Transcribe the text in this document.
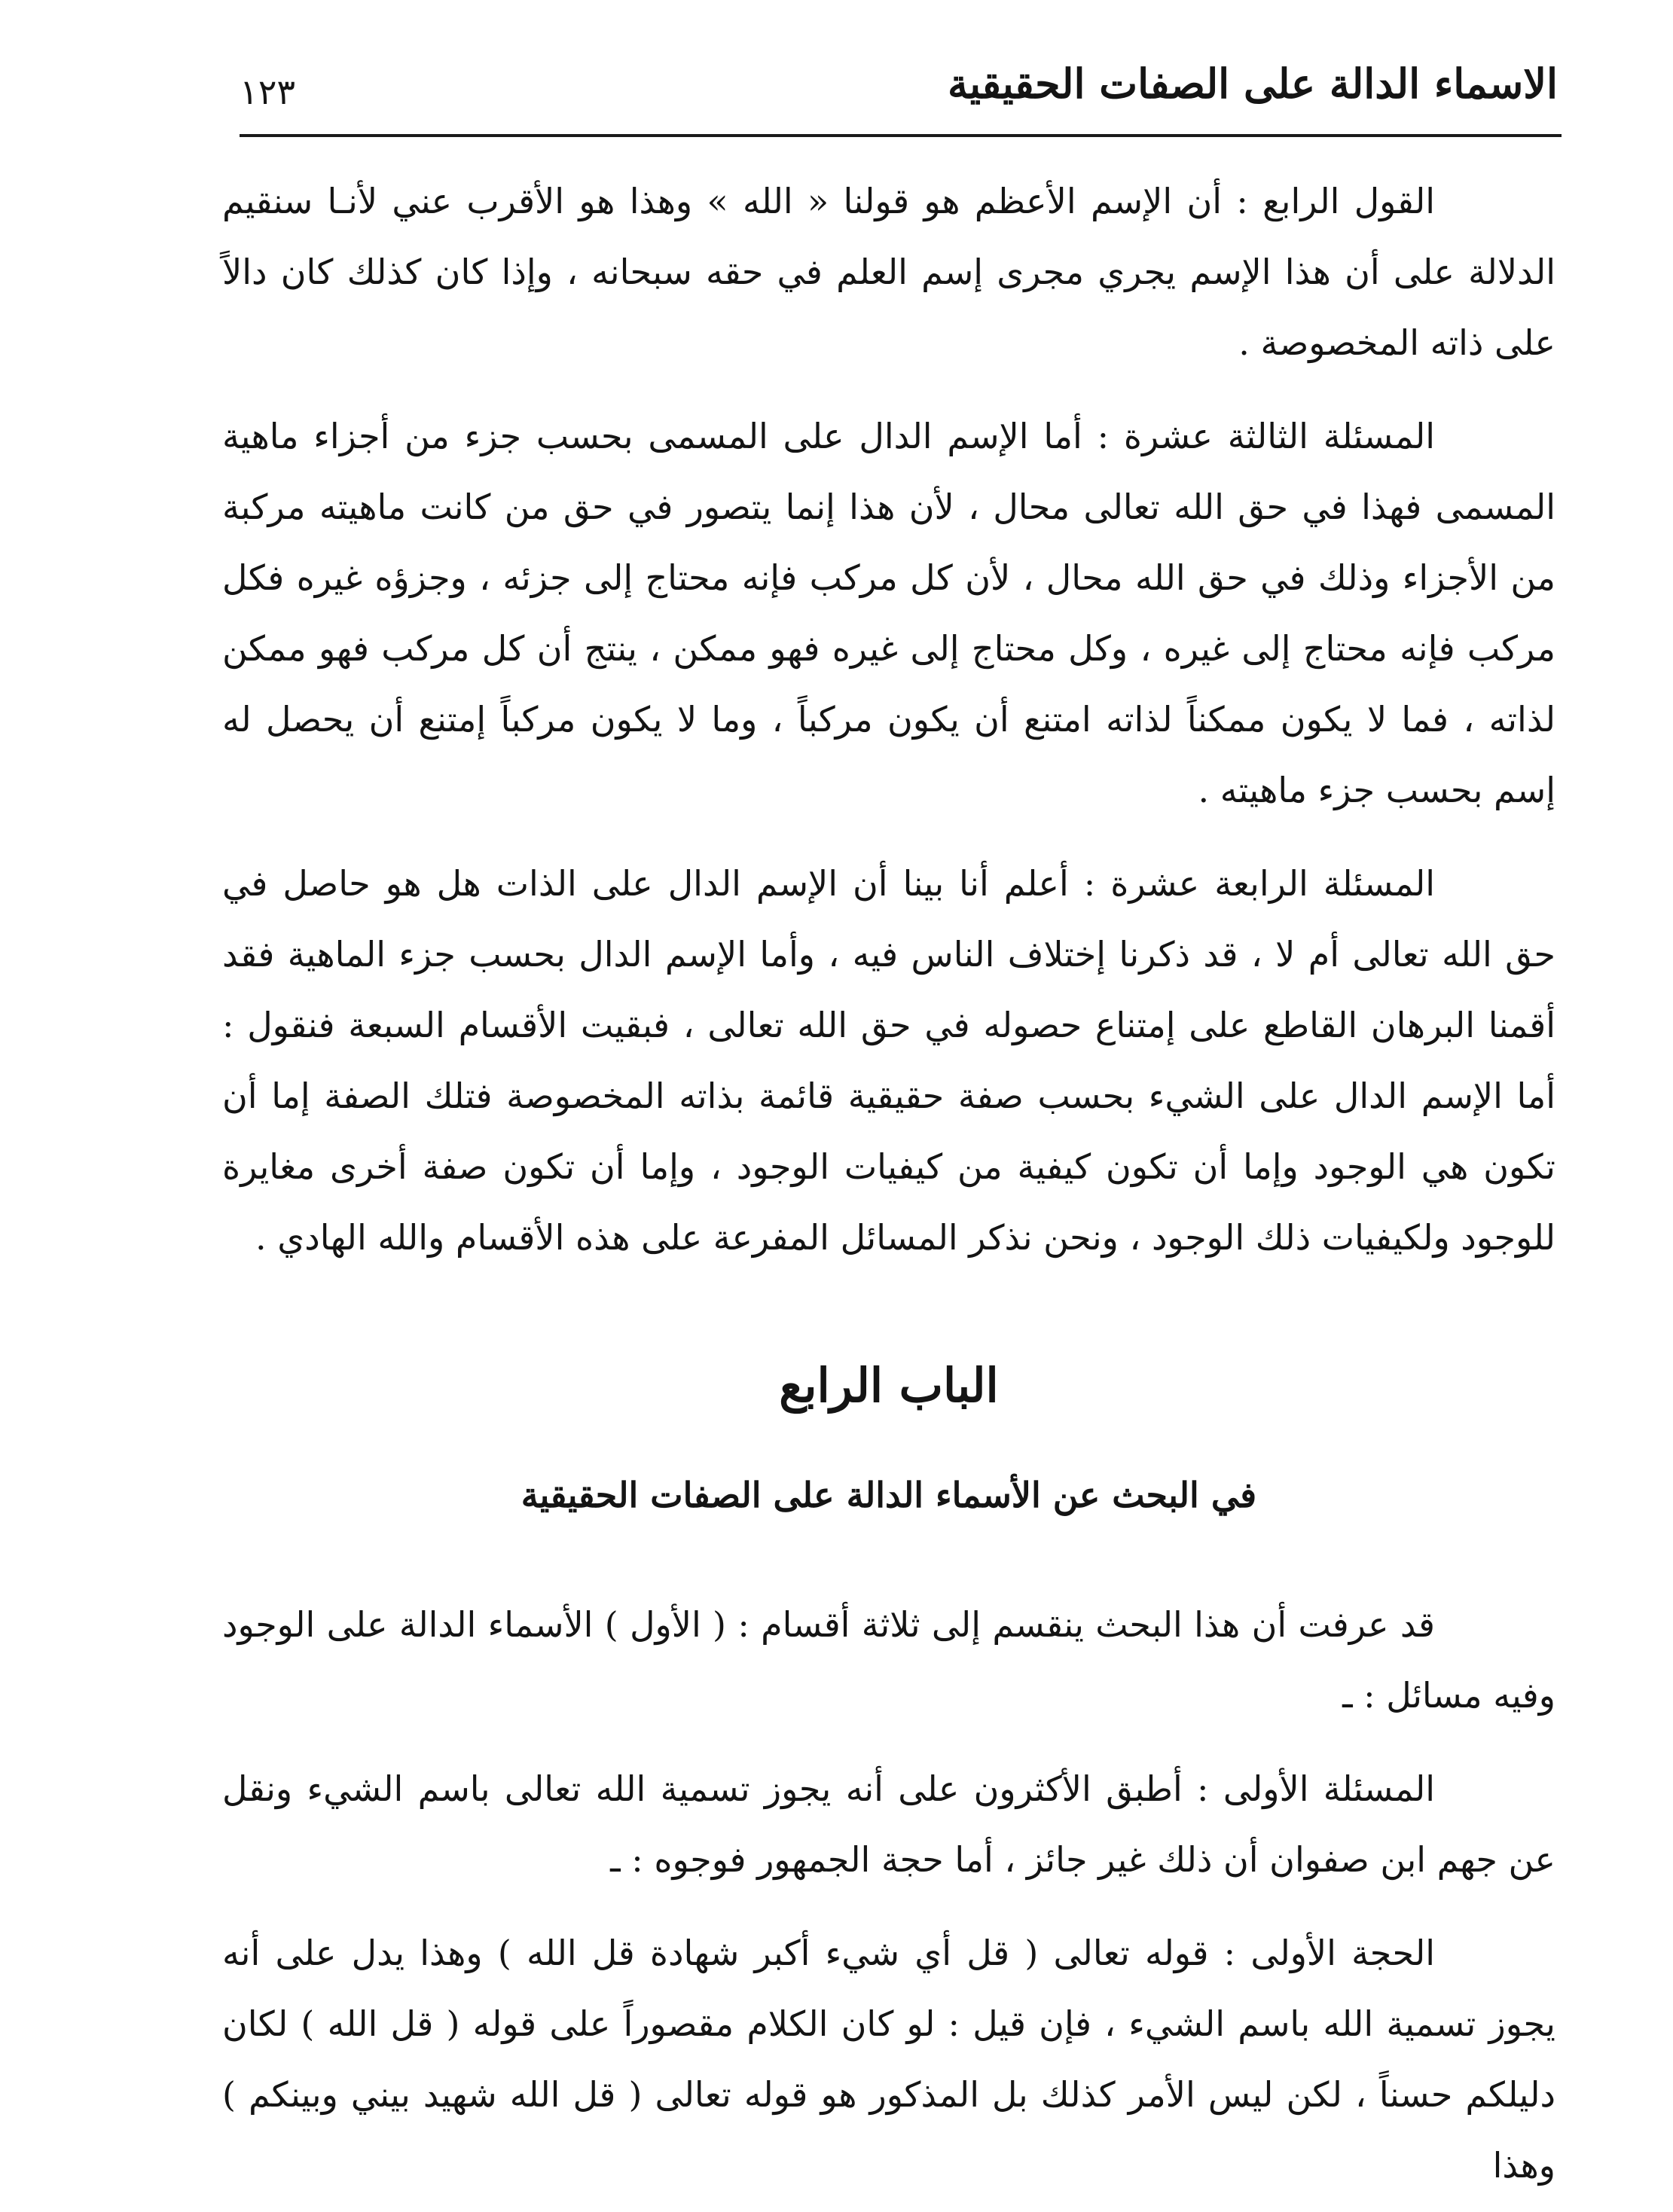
الاسماء الدالة على الصفات الحقيقية
١٢٣

القول الرابع : أن الإسم الأعظم هو قولنا « الله » وهذا هو الأقرب عني لأنـا سنقيم الدلالة على أن هذا الإسم يجري مجرى إسم العلم في حقه سبحانه ، وإذا كان كذلك كان دالاً على ذاته المخصوصة .

المسئلة الثالثة عشرة : أما الإسم الدال على المسمى بحسب جزء من أجزاء ماهية المسمى فهذا في حق الله تعالى محال ، لأن هذا إنما يتصور في حق من كانت ماهيته مركبة من الأجزاء وذلك في حق الله محال ، لأن كل مركب فإنه محتاج إلى جزئه ، وجزؤه غيره فكل مركب فإنه محتاج إلى غيره ، وكل محتاج إلى غيره فهو ممكن ، ينتج أن كل مركب فهو ممكن لذاته ، فما لا يكون ممكناً لذاته امتنع أن يكون مركباً ، وما لا يكون مركباً إمتنع أن يحصل له إسم بحسب جزء ماهيته .

المسئلة الرابعة عشرة : أعلم أنا بينا أن الإسم الدال على الذات هل هو حاصل في حق الله تعالى أم لا ، قد ذكرنا إختلاف الناس فيه ، وأما الإسم الدال بحسب جزء الماهية فقد أقمنا البرهان القاطع على إمتناع حصوله في حق الله تعالى ، فبقيت الأقسام السبعة فنقول : أما الإسم الدال على الشيء بحسب صفة حقيقية قائمة بذاته المخصوصة فتلك الصفة إما أن تكون هي الوجود وإما أن تكون كيفية من كيفيات الوجود ، وإما أن تكون صفة أخرى مغايرة للوجود ولكيفيات ذلك الوجود ، ونحن نذكر المسائل المفرعة على هذه الأقسام والله الهادي .

الباب الرابع
في البحث عن الأسماء الدالة على الصفات الحقيقية

قد عرفت أن هذا البحث ينقسم إلى ثلاثة أقسام : ( الأول ) الأسماء الدالة على الوجود وفيه مسائل : ـ

المسئلة الأولى : أطبق الأكثرون على أنه يجوز تسمية الله تعالى باسم الشيء ونقل عن جهم ابن صفوان أن ذلك غير جائز ، أما حجة الجمهور فوجوه : ـ

الحجة الأولى : قوله تعالى ( قل أي شيء أكبر شهادة قل الله ) وهذا يدل على أنه يجوز تسمية الله باسم الشيء ، فإن قيل : لو كان الكلام مقصوراً على قوله ( قل الله ) لكان دليلكم حسناً ، لكن ليس الأمر كذلك بل المذكور هو قوله تعالى ( قل الله شهيد بيني وبينكم ) وهذا
